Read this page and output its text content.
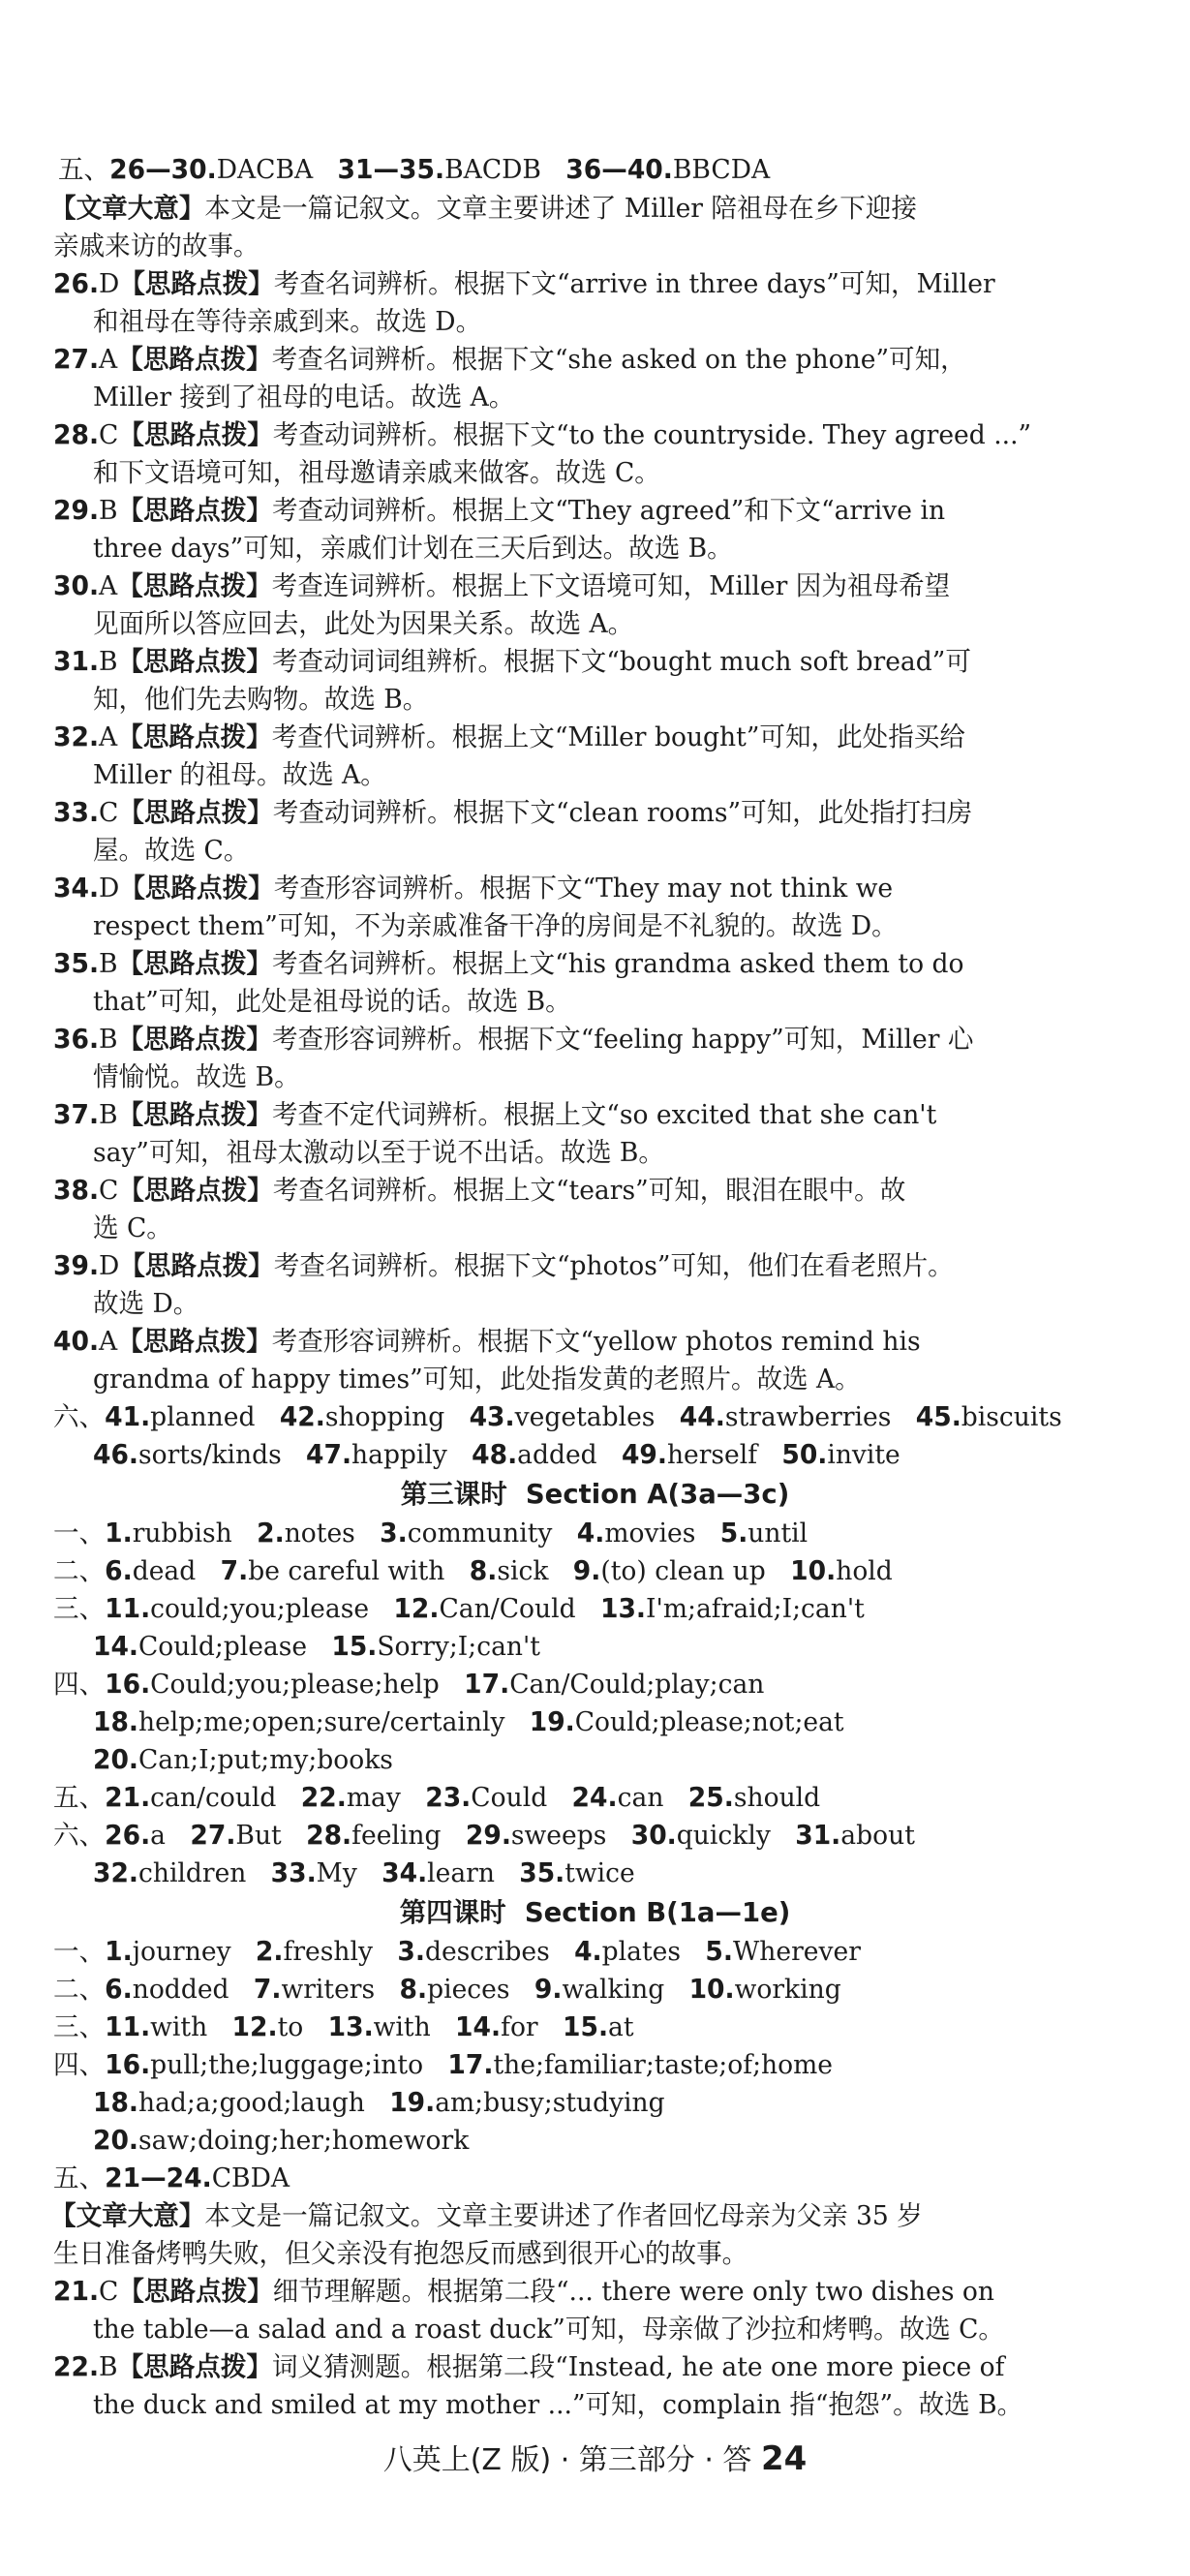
五、26—30.DACBA 31—35.BACDB 36—40.BBCDA
【文章大意】本文是一篇记叙文。文章主要讲述了 Miller 陪祖母在乡下迎接
亲戚来访的故事。
26.D【思路点拨】考查名词辨析。根据下文“arrive in three days”可知，Miller
和祖母在等待亲戚到来。故选 D。
27.A【思路点拨】考查名词辨析。根据下文“she asked on the phone”可知，
Miller 接到了祖母的电话。故选 A。
28.C【思路点拨】考查动词辨析。根据下文“to the countryside. They agreed ...”
和下文语境可知，祖母邀请亲戚来做客。故选 C。
29.B【思路点拨】考查动词辨析。根据上文“They agreed”和下文“arrive in
three days”可知，亲戚们计划在三天后到达。故选 B。
30.A【思路点拨】考查连词辨析。根据上下文语境可知，Miller 因为祖母希望
见面所以答应回去，此处为因果关系。故选 A。
31.B【思路点拨】考查动词词组辨析。根据下文“bought much soft bread”可
知，他们先去购物。故选 B。
32.A【思路点拨】考查代词辨析。根据上文“Miller bought”可知，此处指买给
Miller 的祖母。故选 A。
33.C【思路点拨】考查动词辨析。根据下文“clean rooms”可知，此处指打扫房
屋。故选 C。
34.D【思路点拨】考查形容词辨析。根据下文“They may not think we
respect them”可知，不为亲戚准备干净的房间是不礼貌的。故选 D。
35.B【思路点拨】考查名词辨析。根据上文“his grandma asked them to do
that”可知，此处是祖母说的话。故选 B。
36.B【思路点拨】考查形容词辨析。根据下文“feeling happy”可知，Miller 心
情愉悦。故选 B。
37.B【思路点拨】考查不定代词辨析。根据上文“so excited that she can't
say”可知，祖母太激动以至于说不出话。故选 B。
38.C【思路点拨】考查名词辨析。根据上文“tears”可知，眼泪在眼中。故
选 C。
39.D【思路点拨】考查名词辨析。根据下文“photos”可知，他们在看老照片。
故选 D。
40.A【思路点拨】考查形容词辨析。根据下文“yellow photos remind his
grandma of happy times”可知，此处指发黄的老照片。故选 A。
六、41.planned 42.shopping 43.vegetables 44.strawberries 45.biscuits
46.sorts/kinds 47.happily 48.added 49.herself 50.invite
第三课时 Section A(3a—3c)
一、1.rubbish 2.notes 3.community 4.movies 5.until
二、6.dead 7.be careful with 8.sick 9.(to) clean up 10.hold
三、11.could;you;please 12.Can/Could 13.I'm;afraid;I;can't
14.Could;please 15.Sorry;I;can't
四、16.Could;you;please;help 17.Can/Could;play;can
18.help;me;open;sure/certainly 19.Could;please;not;eat
20.Can;I;put;my;books
五、21.can/could 22.may 23.Could 24.can 25.should
六、26.a 27.But 28.feeling 29.sweeps 30.quickly 31.about
32.children 33.My 34.learn 35.twice
第四课时 Section B(1a—1e)
一、1.journey 2.freshly 3.describes 4.plates 5.Wherever
二、6.nodded 7.writers 8.pieces 9.walking 10.working
三、11.with 12.to 13.with 14.for 15.at
四、16.pull;the;luggage;into 17.the;familiar;taste;of;home
18.had;a;good;laugh 19.am;busy;studying
20.saw;doing;her;homework
五、21—24.CBDA
【文章大意】本文是一篇记叙文。文章主要讲述了作者回忆母亲为父亲 35 岁
生日准备烤鸭失败，但父亲没有抱怨反而感到很开心的故事。
21.C【思路点拨】细节理解题。根据第二段“... there were only two dishes on
the table—a salad and a roast duck”可知，母亲做了沙拉和烤鸭。故选 C。
22.B【思路点拨】词义猜测题。根据第二段“Instead, he ate one more piece of
the duck and smiled at my mother ...”可知，complain 指“抱怨”。故选 B。
八英上(Z 版) · 第三部分 · 答 24
